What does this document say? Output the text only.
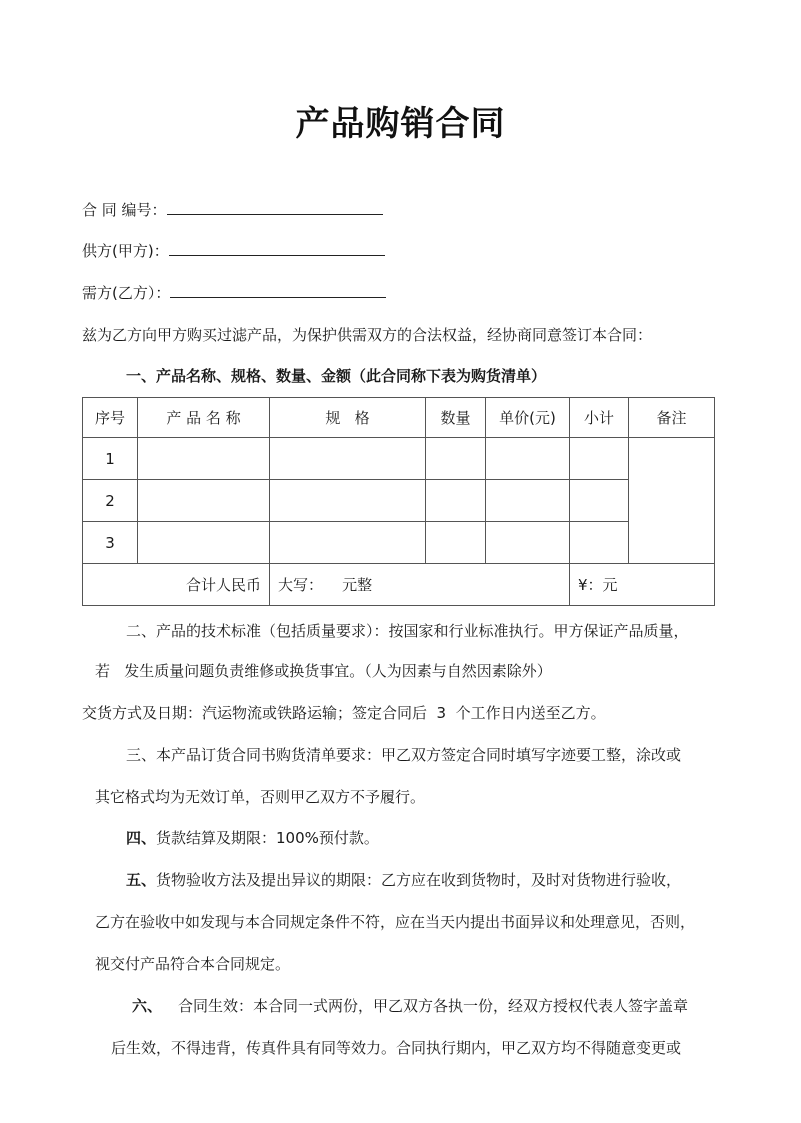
产品购销合同
合 同 编号：
供方(甲方)：
需方(乙方）：
兹为乙方向甲方购买过滤产品，为保护供需双方的合法权益，经协商同意签订本合同：
一、产品名称、规格、数量、金额（此合同称下表为购货清单）
序号	产 品 名 称	规   格	数量	单价(元)	小计	备注
1						
2						
3						
合计人民币		大写：    元整			¥：元	
二、产品的技术标准（包括质量要求）：按国家和行业标准执行。甲方保证产品质量，
若   发生质量问题负责维修或换货事宜。（人为因素与自然因素除外）
交货方式及日期：汽运物流或铁路运输；签定合同后  3  个工作日内送至乙方。
三、本产品订货合同书购货清单要求：甲乙双方签定合同时填写字迹要工整，涂改或
其它格式均为无效订单，否则甲乙双方不予履行。
四、货款结算及期限：100%预付款。
五、货物验收方法及提出异议的期限：乙方应在收到货物时，及时对货物进行验收，
乙方在验收中如发现与本合同规定条件不符，应在当天内提出书面异议和处理意见，否则，
视交付产品符合本合同规定。
六、 合同生效：本合同一式两份，甲乙双方各执一份，经双方授权代表人签字盖章
后生效，不得违背，传真件具有同等效力。合同执行期内，甲乙双方均不得随意变更或
